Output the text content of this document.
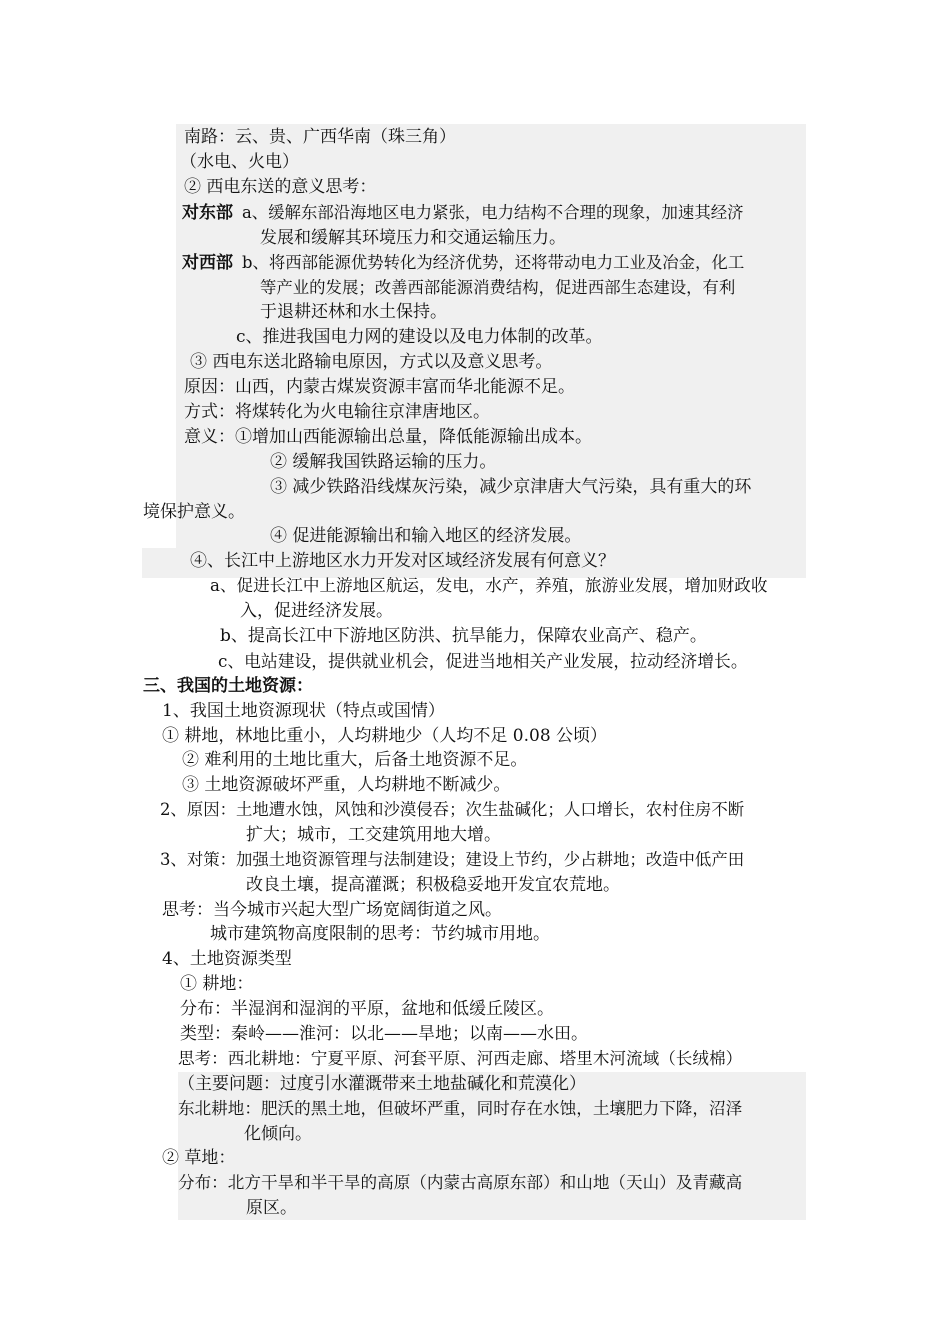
南路：云、贵、广西华南（珠三角）
（水电、火电）
② 西电东送的意义思考：
对东部 a、缓解东部沿海地区电力紧张，电力结构不合理的现象，加速其经济
发展和缓解其环境压力和交通运输压力。
对西部 b、将西部能源优势转化为经济优势，还将带动电力工业及冶金，化工
等产业的发展；改善西部能源消费结构，促进西部生态建设，有利
于退耕还林和水土保持。
c、推进我国电力网的建设以及电力体制的改革。
③ 西电东送北路输电原因，方式以及意义思考。
原因：山西，内蒙古煤炭资源丰富而华北能源不足。
方式：将煤转化为火电输往京津唐地区。
意义：①增加山西能源输出总量，降低能源输出成本。
② 缓解我国铁路运输的压力。
③ 减少铁路沿线煤灰污染，减少京津唐大气污染，具有重大的环
境保护意义。
④ 促进能源输出和输入地区的经济发展。
④、长江中上游地区水力开发对区域经济发展有何意义？
a、促进长江中上游地区航运，发电，水产，养殖，旅游业发展，增加财政收
入，促进经济发展。
b、提高长江中下游地区防洪、抗旱能力，保障农业高产、稳产。
c、电站建设，提供就业机会，促进当地相关产业发展，拉动经济增长。
三、我国的土地资源：
1、我国土地资源现状（特点或国情）
① 耕地，林地比重小，人均耕地少（人均不足 0.08 公顷）
② 难利用的土地比重大，后备土地资源不足。
③ 土地资源破坏严重，人均耕地不断减少。
2、原因：土地遭水蚀，风蚀和沙漠侵吞；次生盐碱化；人口增长，农村住房不断
扩大；城市，工交建筑用地大增。
3、对策：加强土地资源管理与法制建设；建设上节约，少占耕地；改造中低产田
改良土壤，提高灌溉；积极稳妥地开发宜农荒地。
思考：当今城市兴起大型广场宽阔街道之风。
城市建筑物高度限制的思考：节约城市用地。
4、土地资源类型
① 耕地：
分布：半湿润和湿润的平原，盆地和低缓丘陵区。
类型：秦岭——淮河：以北——旱地；以南——水田。
思考：西北耕地：宁夏平原、河套平原、河西走廊、塔里木河流域（长绒棉）
（主要问题：过度引水灌溉带来土地盐碱化和荒漠化）
东北耕地：肥沃的黑土地，但破坏严重，同时存在水蚀，土壤肥力下降，沼泽
化倾向。
② 草地：
分布：北方干旱和半干旱的高原（内蒙古高原东部）和山地（天山）及青藏高
原区。
